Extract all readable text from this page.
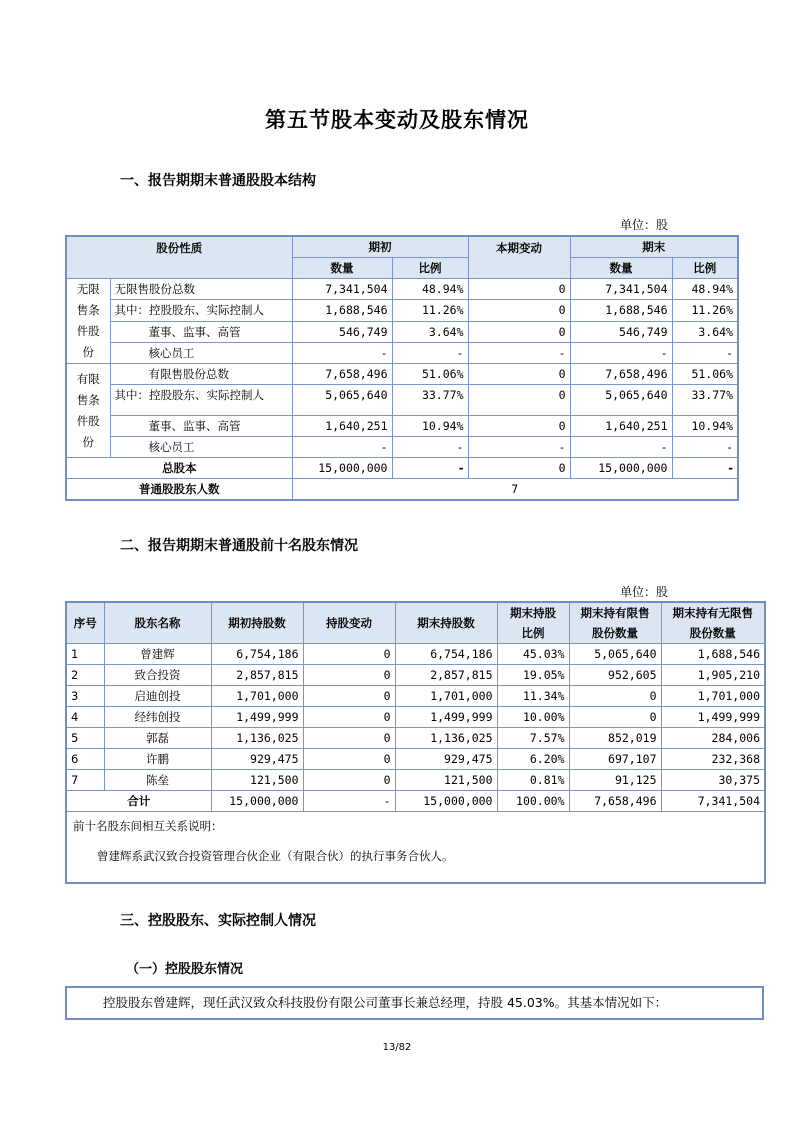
第五节股本变动及股东情况
一、报告期期末普通股股本结构
单位：股
股份性质		期初		本期变动	期末	
		数量	比例		数量	比例
无限售条件股份	无限售股份总数	7,341,504	48.94%	0	7,341,504	48.94%
	其中：控股股东、实际控制人	1,688,546	11.26%	0	1,688,546	11.26%
	董事、监事、高管	546,749	3.64%	0	546,749	3.64%
	核心员工	-	-	-	-	-
有限售条件股份	有限售股份总数	7,658,496	51.06%	0	7,658,496	51.06%
	其中：控股股东、实际控制人	5,065,640	33.77%	0	5,065,640	33.77%
	董事、监事、高管	1,640,251	10.94%	0	1,640,251	10.94%
	核心员工	-	-	-	-	-
总股本		15,000,000	-	0	15,000,000	-
普通股股东人数		7				
二、报告期期末普通股前十名股东情况
单位：股
序号	股东名称	期初持股数	持股变动	期末持股数	期末持股比例	期末持有限售股份数量	期末持有无限售股份数量
1	曾建辉	6,754,186	0	6,754,186	45.03%	5,065,640	1,688,546
2	致合投资	2,857,815	0	2,857,815	19.05%	952,605	1,905,210
3	启迪创投	1,701,000	0	1,701,000	11.34%	0	1,701,000
4	经纬创投	1,499,999	0	1,499,999	10.00%	0	1,499,999
5	郭磊	1,136,025	0	1,136,025	7.57%	852,019	284,006
6	许鹏	929,475	0	929,475	6.20%	697,107	232,368
7	陈垒	121,500	0	121,500	0.81%	91,125	30,375
合计		15,000,000	-	15,000,000	100.00%	7,658,496	7,341,504

前十名股东间相互关系说明：
曾建辉系武汉致合投资管理合伙企业（有限合伙）的执行事务合伙人。							
三、控股股东、实际控制人情况
（一）控股股东情况
控股股东曾建辉，现任武汉致众科技股份有限公司董事长兼总经理，持股 45.03%。其基本情况如下：
13/82
